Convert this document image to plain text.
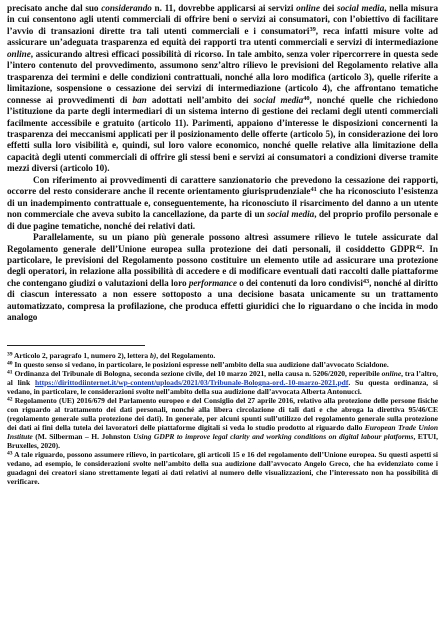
precisato anche dal suo considerando n. 11, dovrebbe applicarsi ai servizi online dei social media, nella misura in cui consentono agli utenti commerciali di offrire beni o servizi ai consumatori, con l’obiettivo di facilitare l’avvio di transazioni dirette tra tali utenti commerciali e i consumatori$^{39}$, reca infatti misure volte ad assicurare un’adeguata trasparenza ed equità dei rapporti tra utenti commerciali e servizi di intermediazione online, assicurando altresì efficaci possibilità di ricorso. In tale ambito, senza voler ripercorrere in questa sede l’intero contenuto del provvedimento, assumono senz’altro rilievo le previsioni del Regolamento relative alla trasparenza dei termini e delle condizioni contrattuali, nonché alla loro modifica (articolo 3), quelle riferite a limitazione, sospensione o cessazione dei servizi di intermediazione (articolo 4), che affrontano tematiche connesse ai provvedimenti di ban adottati nell’ambito dei social media$^{40}$, nonché quelle che richiedono l’istituzione da parte degli intermediari di un sistema interno di gestione dei reclami degli utenti commerciali facilmente accessibile e gratuito (articolo 11). Parimenti, appaiono d’interesse le disposizioni concernenti la trasparenza dei meccanismi applicati per il posizionamento delle offerte (articolo 5), in considerazione dei loro effetti sulla loro visibilità e, quindi, sul loro valore economico, nonché quelle relative alla limitazione della capacità degli utenti commerciali di offrire gli stessi beni e servizi ai consumatori a condizioni diverse tramite mezzi diversi (articolo 10).

Con riferimento ai provvedimenti di carattere sanzionatorio che prevedono la cessazione dei rapporti, occorre del resto considerare anche il recente orientamento giurisprudenziale$^{41}$ che ha riconosciuto l’esistenza di un inadempimento contrattuale e, conseguentemente, ha riconosciuto il risarcimento del danno a un utente non commerciale che aveva subito la cancellazione, da parte di un social media, del proprio profilo personale e di due pagine tematiche, nonché dei relativi dati.

Parallelamente, su un piano più generale possono altresì assumere rilievo le tutele assicurate dal Regolamento generale dell’Unione europea sulla protezione dei dati personali, il cosiddetto GDPR$^{42}$. In particolare, le previsioni del Regolamento possono costituire un elemento utile ad assicurare una protezione degli operatori, in relazione alla possibilità di accedere e di modificare eventuali dati raccolti dalle piattaforme che contengano giudizi o valutazioni della loro performance o dei contenuti da loro condivisi$^{43}$, nonché al diritto di ciascun interessato a non essere sottoposto a una decisione basata unicamente su un trattamento automatizzato, compresa la profilazione, che produca effetti giuridici che lo riguardano o che incida in modo analogo

$^{39}$ Articolo 2, paragrafo 1, numero 2), lettera b), del Regolamento.

$^{40}$ In questo senso si vedano, in particolare, le posizioni espresse nell’ambito della sua audizione dall’avvocato Scialdone.

$^{41}$ Ordinanza del Tribunale di Bologna, seconda sezione civile, del 10 marzo 2021, nella causa n. 5206/2020, reperibile online, tra l’altro, al link https://dirittodiinternet.it/wp-content/uploads/2021/03/Tribunale-Bologna-ord.-10-marzo-2021.pdf. Su questa ordinanza, si vedano, in particolare, le considerazioni svolte nell’ambito della sua audizione dall’avvocata Alberta Antonucci.

$^{42}$ Regolamento (UE) 2016/679 del Parlamento europeo e del Consiglio del 27 aprile 2016, relativo alla protezione delle persone fisiche con riguardo al trattamento dei dati personali, nonché alla libera circolazione di tali dati e che abroga la direttiva 95/46/CE (regolamento generale sulla protezione dei dati). In generale, per alcuni spunti sull’utilizzo del regolamento generale sulla protezione dei dati ai fini della tutela dei lavoratori delle piattaforme digitali si veda lo studio prodotto al riguardo dallo European Trade Union Institute (M. Silberman – H. Johnston Using GDPR to improve legal clarity and working conditions on digital labour platforms, ETUI, Bruxelles, 2020).

$^{43}$ A tale riguardo, possono assumere rilievo, in particolare, gli articoli 15 e 16 del regolamento dell’Unione europea. Su questi aspetti si vedano, ad esempio, le considerazioni svolte nell’ambito della sua audizione dall’avvocato Angelo Greco, che ha evidenziato come i guadagni dei creatori siano strettamente legati ai dati relativi al numero delle visualizzazioni, che l’interessato non ha possibilità di verificare.
